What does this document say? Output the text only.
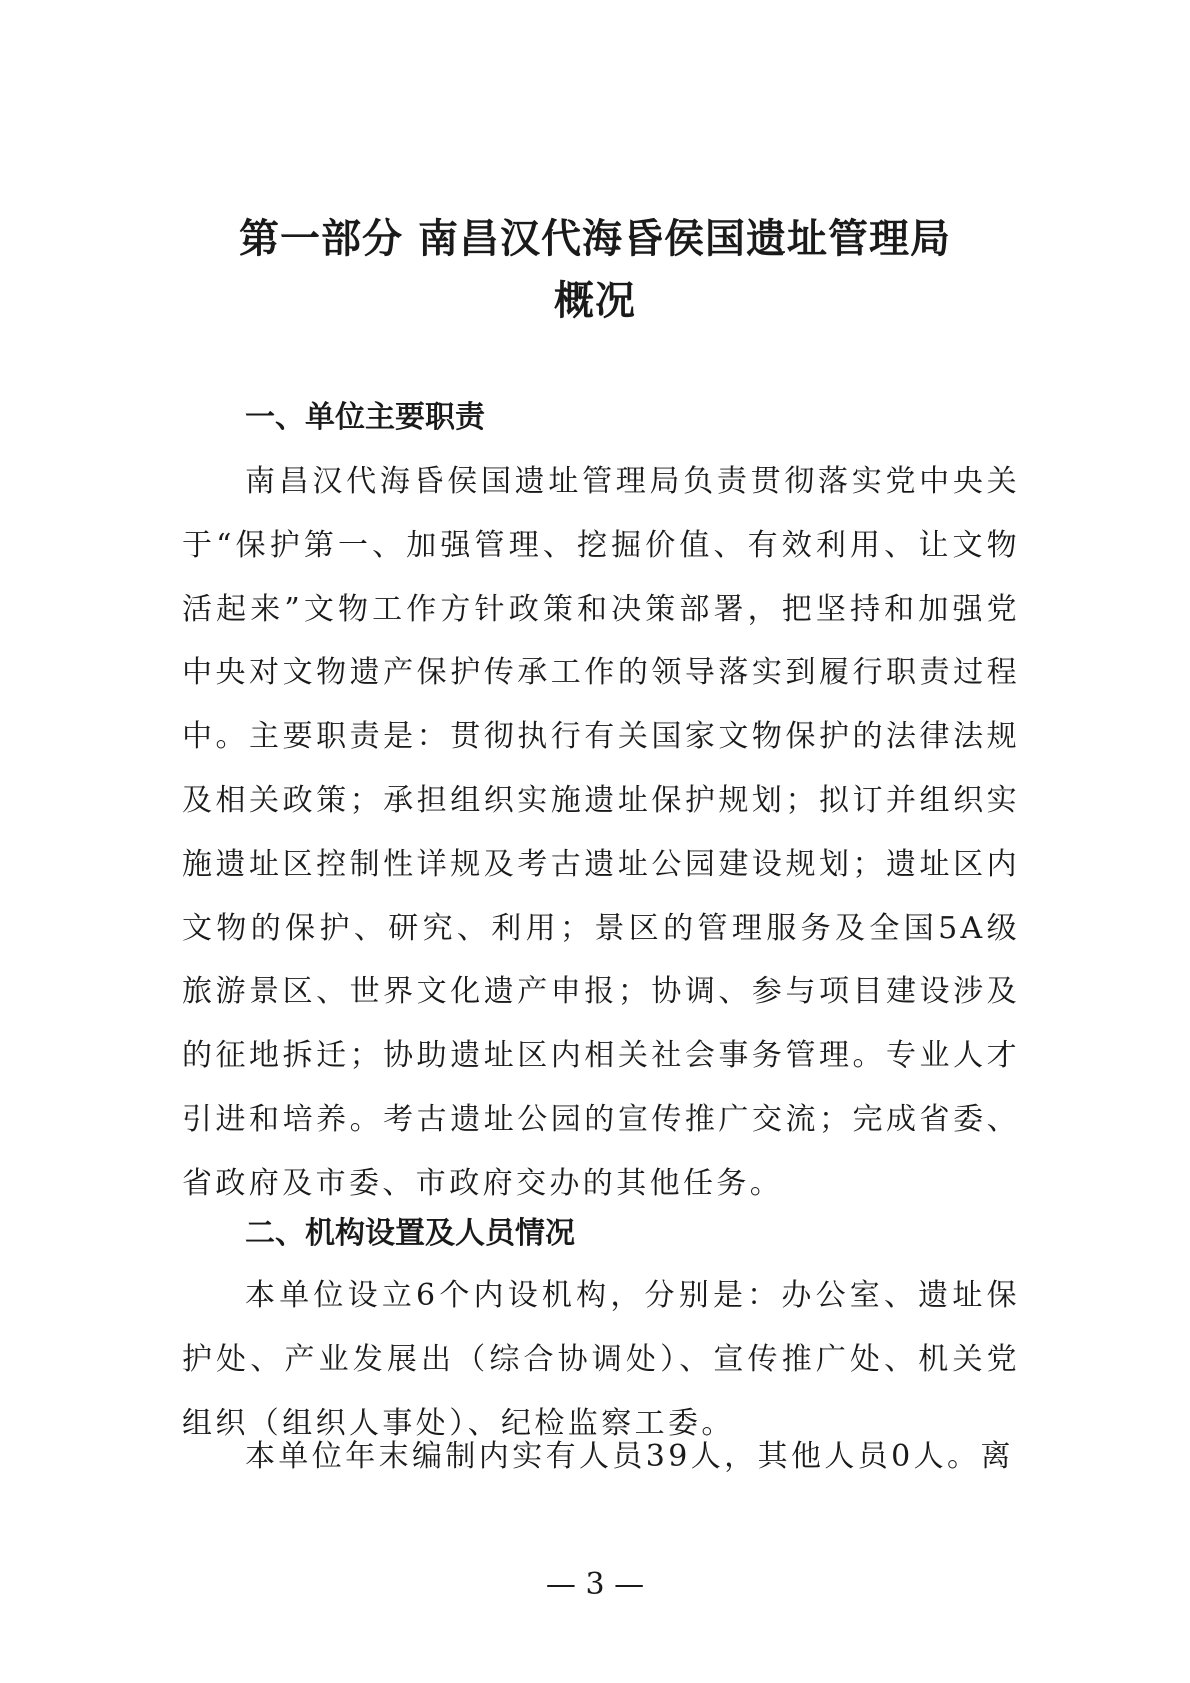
第一部分 南昌汉代海昏侯国遗址管理局
概况
一、单位主要职责

南昌汉代海昏侯国遗址管理局负责贯彻落实党中央关于“保护第一、加强管理、挖掘价值、有效利用、让文物活起来”文物工作方针政策和决策部署，把坚持和加强党中央对文物遗产保护传承工作的领导落实到履行职责过程中。主要职责是：贯彻执行有关国家文物保护的法律法规及相关政策；承担组织实施遗址保护规划；拟订并组织实施遗址区控制性详规及考古遗址公园建设规划；遗址区内文物的保护、研究、利用；景区的管理服务及全国5A级旅游景区、世界文化遗产申报；协调、参与项目建设涉及的征地拆迁；协助遗址区内相关社会事务管理。专业人才引进和培养。考古遗址公园的宣传推广交流；完成省委、省政府及市委、市政府交办的其他任务。

二、机构设置及人员情况

本单位设立6个内设机构，分别是：办公室、遗址保护处、产业发展出（综合协调处）、宣传推广处、机关党组织（组织人事处）、纪检监察工委。

本单位年末编制内实有人员39人，其他人员0人。离

— 3 —
